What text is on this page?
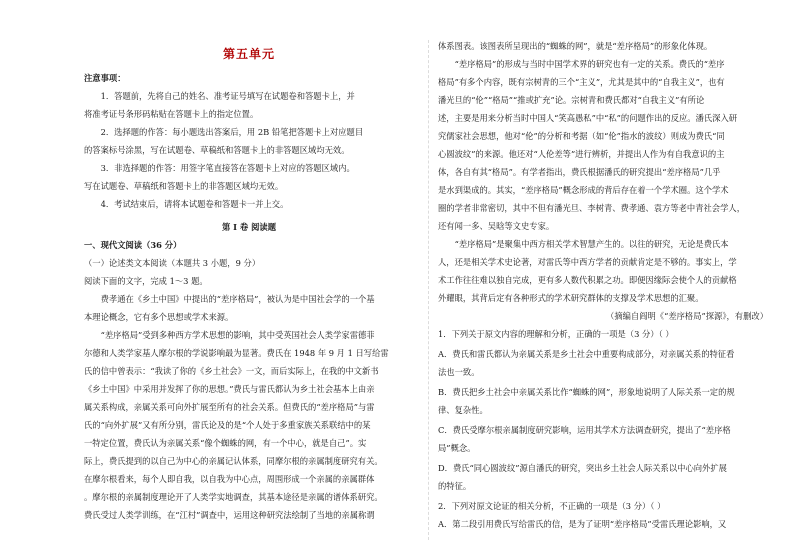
第五单元
注意事项：
1．答题前，先将自己的姓名、准考证号填写在试题卷和答题卡上，并
将准考证号条形码粘贴在答题卡上的指定位置。
2．选择题的作答：每小题选出答案后，用 2B 铅笔把答题卡上对应题目
的答案标号涂黑，写在试题卷、草稿纸和答题卡上的非答题区域均无效。
3．非选择题的作答：用签字笔直接答在答题卡上对应的答题区域内。
写在试题卷、草稿纸和答题卡上的非答题区域均无效。
4．考试结束后，请将本试题卷和答题卡一并上交。
第 Ⅰ 卷 阅读题
一、现代文阅读（36 分）
（一）论述类文本阅读（本题共 3 小题，9 分）
阅读下面的文字，完成 1～3 题。
费孝通在《乡土中国》中提出的“差序格局”，被认为是中国社会学的一个基
本理论概念，它有多个思想或学术来源。
“差序格局”受到多种西方学术思想的影响，其中受英国社会人类学家雷德菲
尔德和人类学家基人摩尔根的学说影响最为显著。费氏在 1948 年 9 月 1 日写给雷
氏的信中曾表示：“我读了你的《乡土社会》一文，而后实际上，在我的中文新书
《乡土中国》中采用并发挥了你的思想。”费氏与雷氏都认为乡土社会基本上由亲
属关系构成，亲属关系可向外扩展至所有的社会关系。但费氏的“差序格局”与雷
氏的“向外扩展”又有所分别，雷氏论及的是“个人处于多重家族关系联结中的某
一特定位置，费氏认为亲属关系“像个蜘蛛的网，有一个中心，就是自己”。实
际上，费氏提到的以自己为中心的亲属记认体系，同摩尔根的亲属制度研究有关。
在摩尔根看来，每个人即自我，以自我为中心点，周围形成一个亲属的亲属群体
。摩尔根的亲属制度理论开了人类学实地调查，其基本途径是亲属的谱体系研究。
费氏受过人类学训练，在“江村”调查中，运用这种研究法绘制了当地的亲属称谓
体系图表。该图表所呈现出的“蜘蛛的网”，就是“差序格局”的形象化体现。
“差序格局”的形成与当时中国学术界的研究也有一定的关系。费氏的“差序
格局”有多个内容，既有宗树青的三个“主义”，尤其是其中的“自我主义”，也有
潘光旦的“伦”“格局”“推或扩充”论。宗树青和费氏都对“自我主义”有所论
述，主要是用来分析当时中国人“笑高愚私”中“私”的问题作出的反应。潘氏深入研
究儒家社会思想，他对“伦”的分析和考据（如“伦”指水的波纹）则成为费氏“同
心圆波纹”的来源。他还对“人伦差等”进行辨析，并提出人作为有自我意识的主
体，各自有其“格局”。有学者指出，费氏根据潘氏的研究提出“差序格局”几乎
是水到渠成的。其实，“差序格局”概念形成的背后存在着一个学术圈。这个学术
圈的学者非常密切，其中不但有潘光旦、李树青、费孝通、袁方等老中青社会学人，
还有闻一多、吴晗等文史专家。
“差序格局”是聚集中西方相关学术智慧产生的。以往的研究，无论是费氏本
人，还是相关学术史论著，对雷氏等中西方学者的贡献肯定是不够的。事实上，学
术工作往往难以独自完成，更有多人数代积累之功。即便因缘际会使个人的贡献格
外耀眼，其背后定有各种形式的学术研究群体的支撑及学术思想的汇聚。
（摘编自阎明《“差序格局”探源》，有删改）
1．下列关于原文内容的理解和分析，正确的一项是（3 分）（ ）
A．费氏和雷氏都认为亲属关系是乡土社会中重要构成部分，对亲属关系的特征看
法也一致。
B．费氏把乡土社会中亲属关系比作“蜘蛛的网”，形象地说明了人际关系一定的规
律、复杂性。
C．费氏受摩尔根亲属制度研究影响，运用其学术方法调查研究，提出了“差序格
局”概念。
D．费氏“同心圆波纹”源自潘氏的研究，突出乡土社会人际关系以中心向外扩展
的特征。
2．下列对原文论证的相关分析，不正确的一项是（3 分）（ ）
A．第二段引用费氏写给雷氏的信，是为了证明“差序格局”受雷氏理论影响，又
